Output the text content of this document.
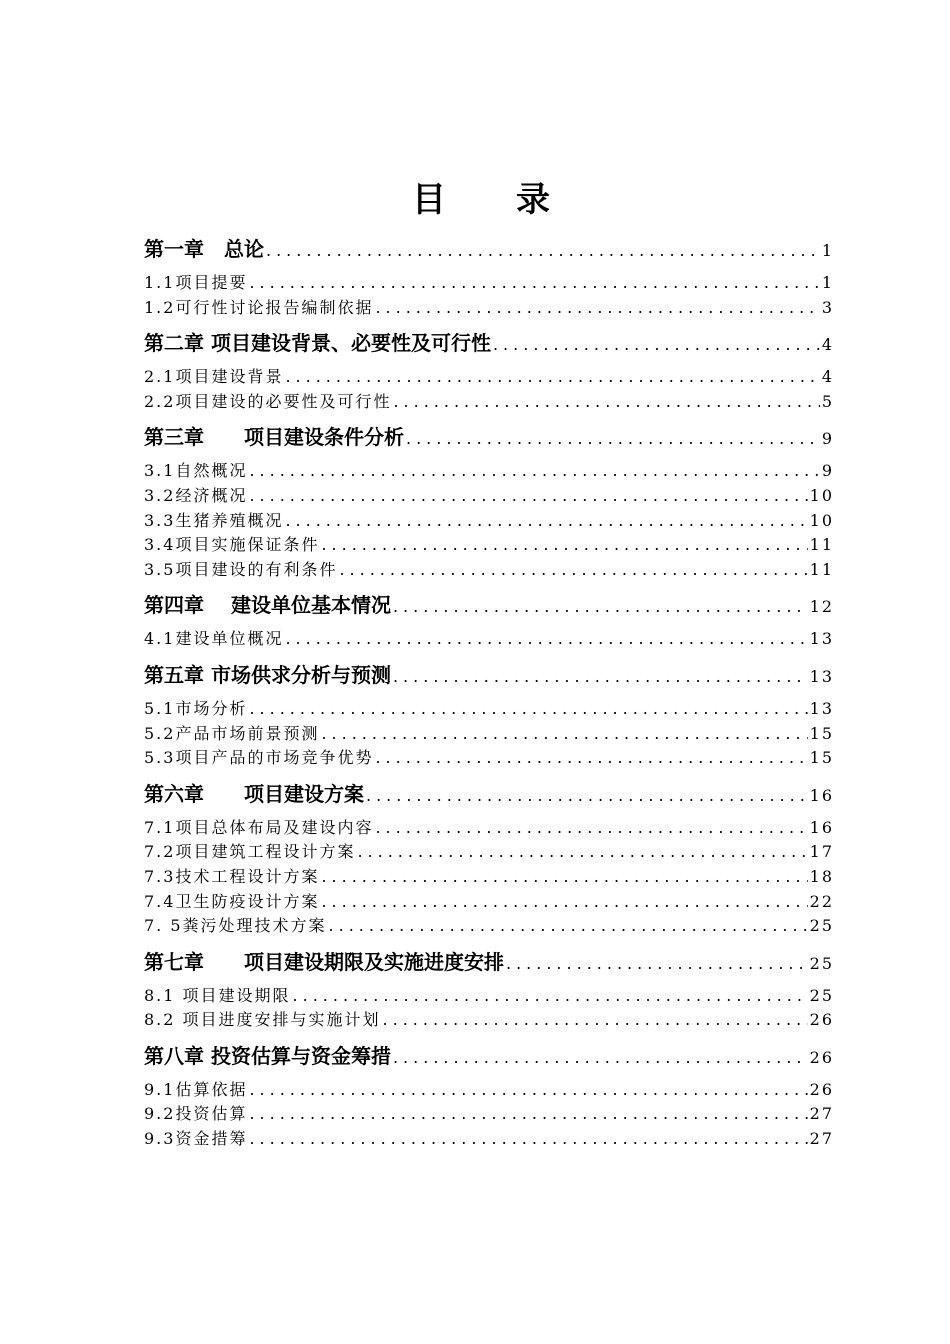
目　录
第一章　总论 .....	1
1.1项目提要 .....	1
1.2可行性讨论报告编制依据 .....	3
第二章 项目建设背景、必要性及可行性 .....	4
2.1项目建设背景 .....	4
2.2项目建设的必要性及可行性 .....	5
第三章　　项目建设条件分析 .....	9
3.1自然概况 .....	9
3.2经济概况 .....	10
3.3生猪养殖概况 .....	10
3.4项目实施保证条件 .....	11
3.5项目建设的有利条件 .....	11
第四章　 建设单位基本情况 .....	12
4.1建设单位概况 .....	13
第五章 市场供求分析与预测 .....	13
5.1市场分析 .....	13
5.2产品市场前景预测 .....	15
5.3项目产品的市场竞争优势 .....	15
第六章　　项目建设方案 .....	16
7.1项目总体布局及建设内容 .....	16
7.2项目建筑工程设计方案 .....	17
7.3技术工程设计方案 .....	18
7.4卫生防疫设计方案 .....	22
7. 5粪污处理技术方案 .....	25
第七章　　项目建设期限及实施进度安排 .....	25
8.1 项目建设期限 .....	25
8.2 项目进度安排与实施计划 .....	26
第八章 投资估算与资金筹措 .....	26
9.1估算依据 .....	26
9.2投资估算 .....	27
9.3资金措筹 .....	27
